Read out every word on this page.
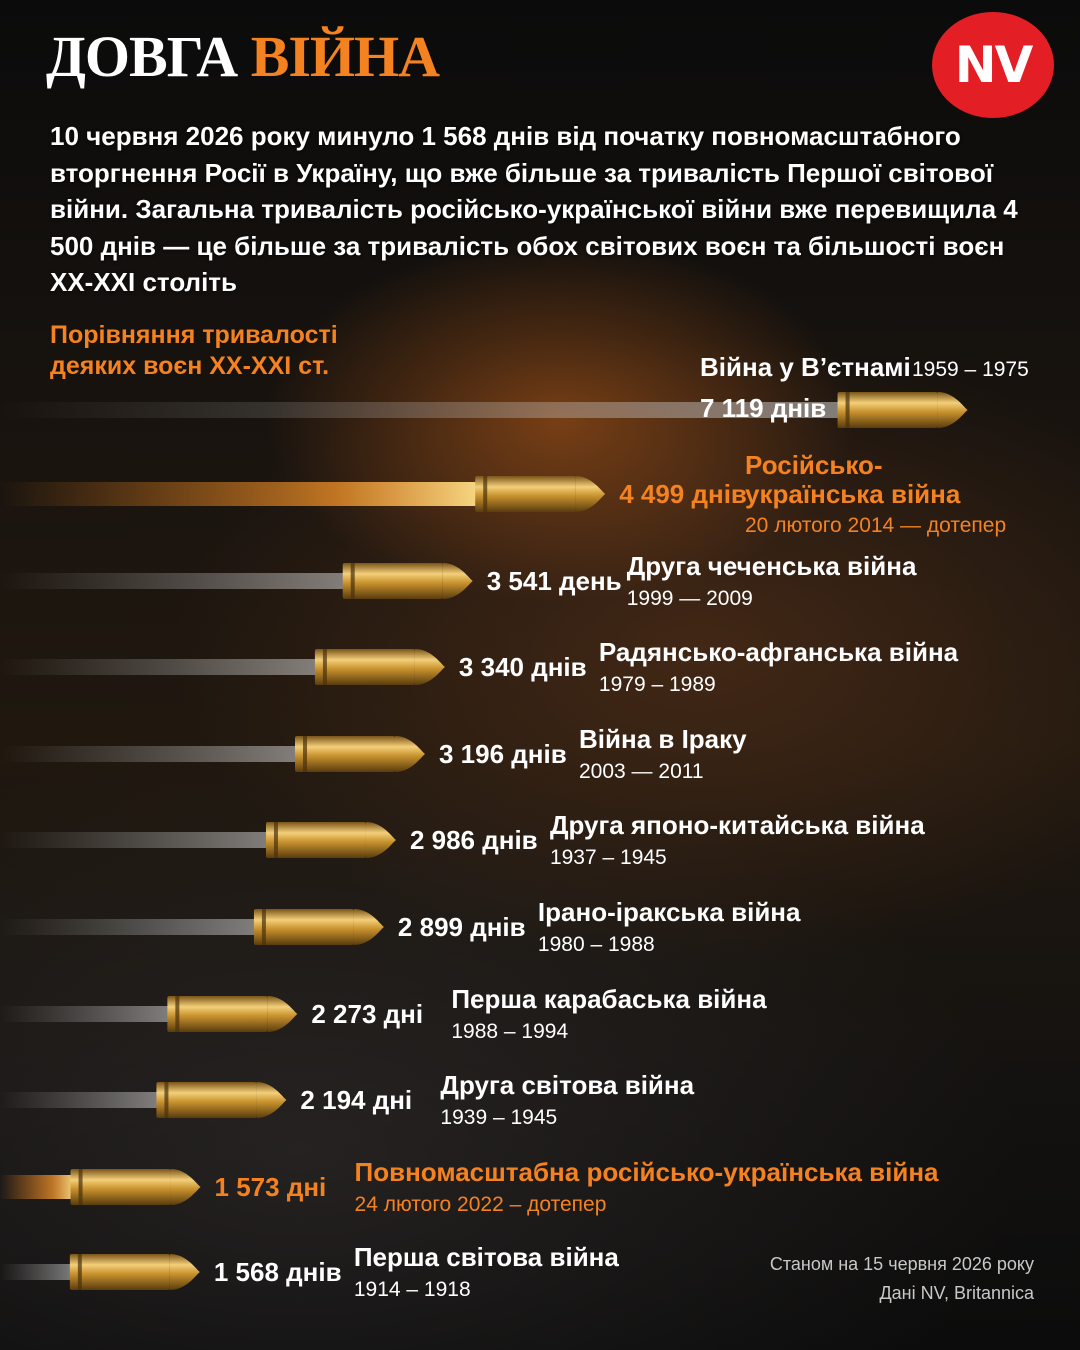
ДОВГА ВІЙНА	NV

10 червня 2026 року минуло 1 568 днів від початку повномасштабного вторгнення Росії в Україну, що вже більше за тривалість Першої світової війни. Загальна тривалість російсько-української війни вже перевищила 4 500 днів — це більше за тривалість обох світових воєн та більшості воєн XX-XXI століть

Порівняння тривалості деяких воєн XX-XXI ст.

7 119 днів
Війна у В’єтнамі 1959 – 1975
4 499 днів
Російсько-
українська війна
20 лютого 2014 — дотепер
3 541 день Друга чеченська війна
1999 — 2009
3 340 днів Радянсько-афганська війна
1979 – 1989
3 196 днів Війна в Іраку
2003 — 2011
2 986 днів Друга японо-китайська війна
1937 – 1945
2 899 днів Ірано-іракська війна
1980 – 1988
2 273 дні Перша карабаська війна
1988 – 1994
2 194 дні Друга світова війна
1939 – 1945
1 573 дні Повномасштабна російсько-українська війна
24 лютого 2022 – дотепер
1 568 днів Перша світова війна
1914 – 1918
Станом на 15 червня 2026 року
Дані NV, Britannica
